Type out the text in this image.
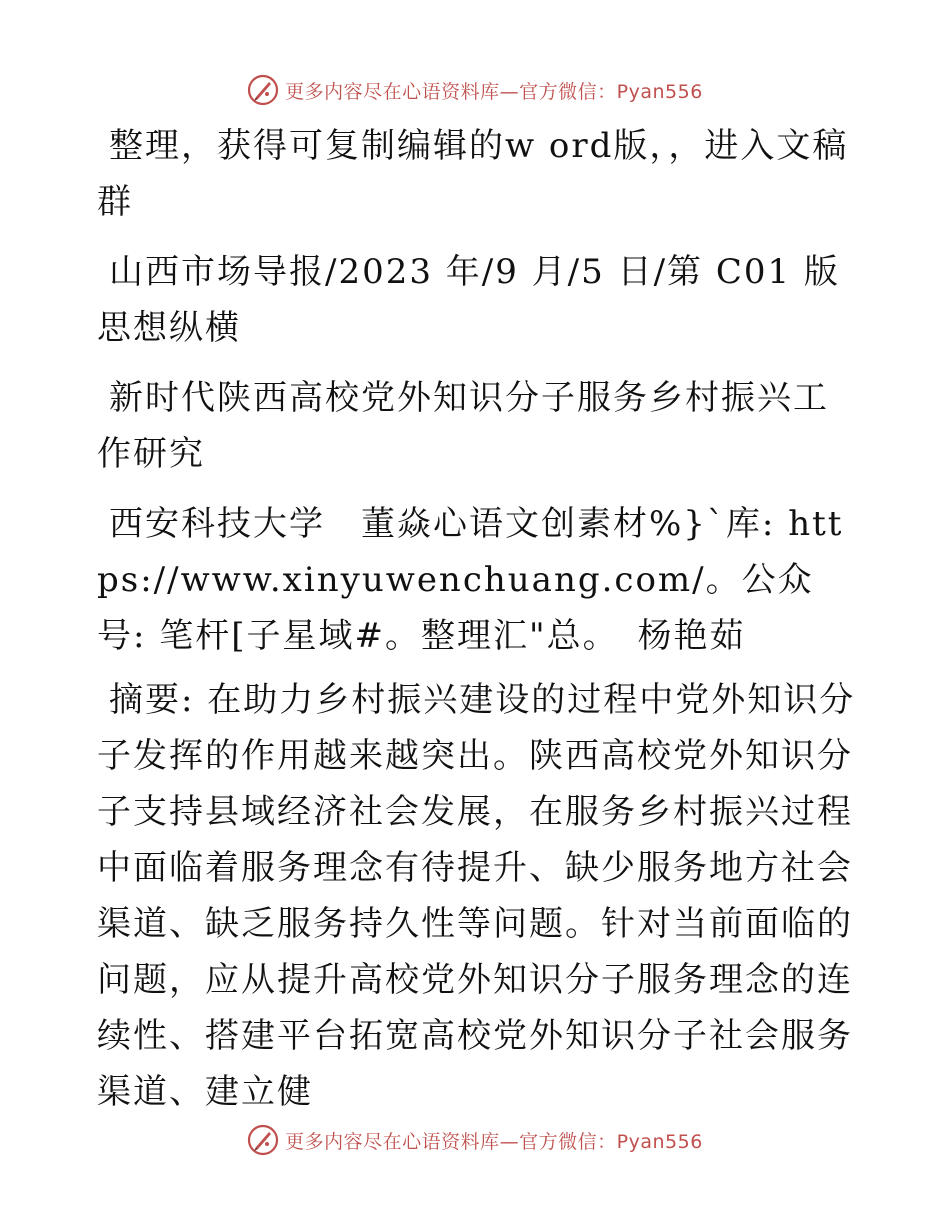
更多内容尽在心语资料库—官方微信：Pyan556

整理，获得可复制编辑的w ord版，，进入文稿群

山西市场导报/2023 年/9 月/5 日/第 C01 版思想纵横

新时代陕西高校党外知识分子服务乡村振兴工作研究

西安科技大学　董焱心语文创素材%}`库: https://www.xinyuwenchuang.com/。公众号: 笔杆[子星域#。整理汇"总。　杨艳茹

摘要: 在助力乡村振兴建设的过程中党外知识分子发挥的作用越来越突出。陕西高校党外知识分子支持县域经济社会发展，在服务乡村振兴过程中面临着服务理念有待提升、缺少服务地方社会渠道、缺乏服务持久性等问题。针对当前面临的问题，应从提升高校党外知识分子服务理念的连续性、搭建平台拓宽高校党外知识分子社会服务渠道、建立健

更多内容尽在心语资料库—官方微信：Pyan556
